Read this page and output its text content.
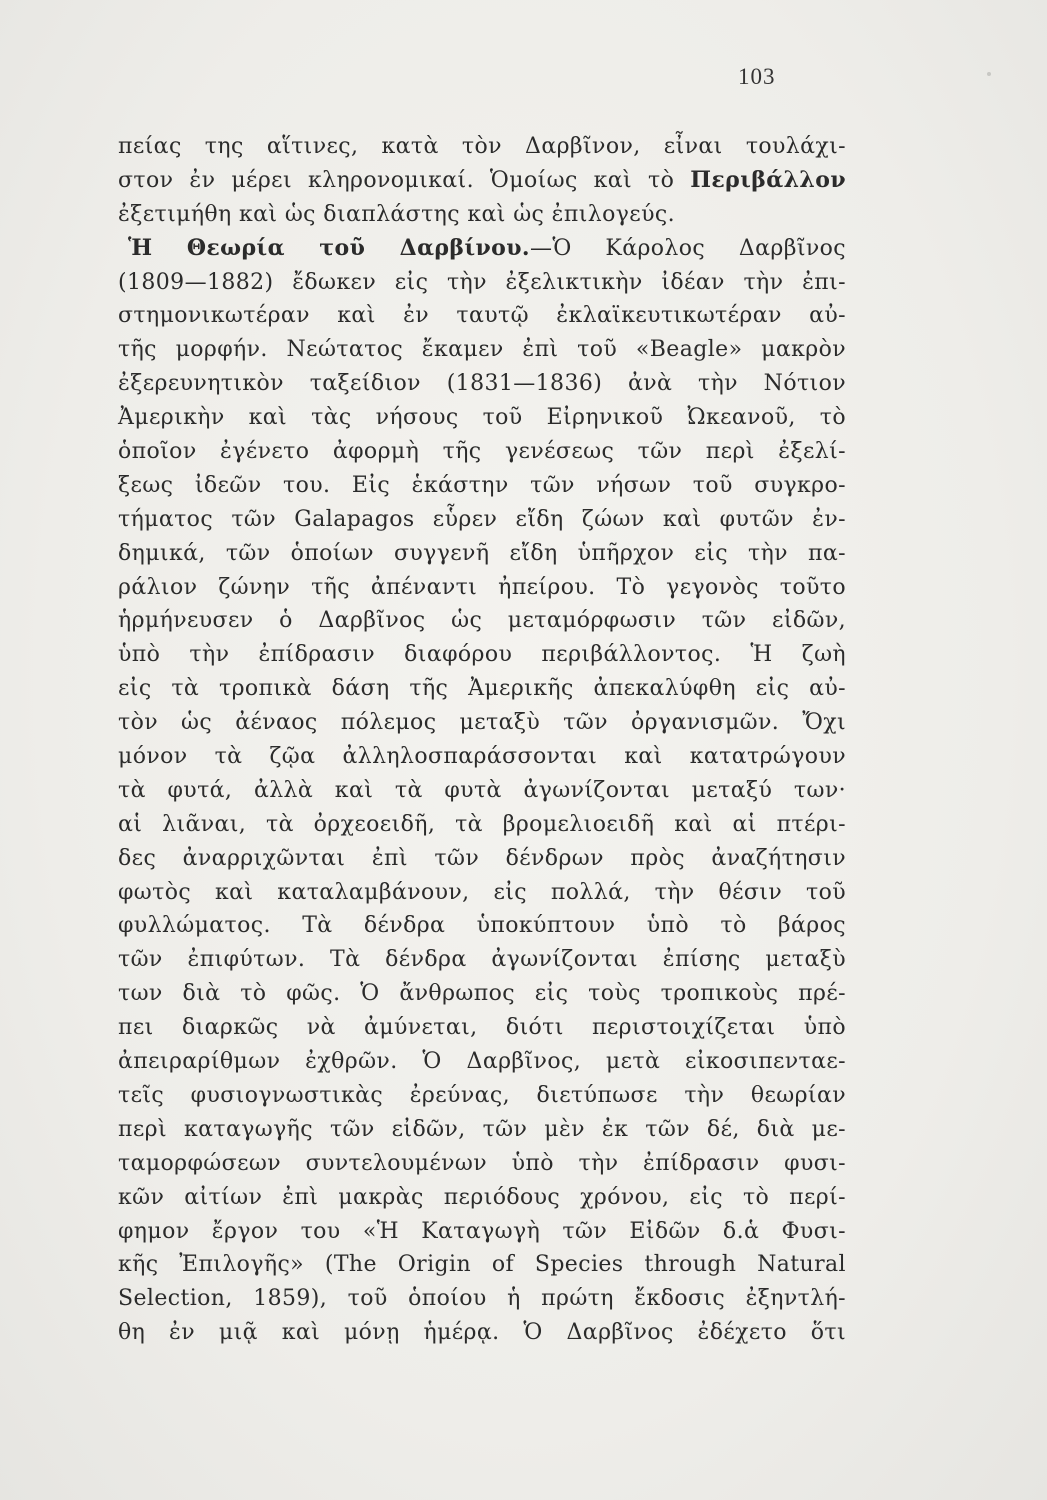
103
πείας της αἵτινες, κατὰ τὸν Δαρβῖνον, εἶναι τουλάχι-
στον ἐν μέρει κληρονομικαί. Ὁμοίως καὶ τὸ Περιβάλλον
ἐξετιμήθη καὶ ὡς διαπλάστης καὶ ὡς ἐπιλογεύς.
Ἡ Θεωρία τοῦ Δαρβίνου.—Ὁ Κάρολος Δαρβῖνος
(1809—1882) ἔδωκεν εἰς τὴν ἐξελικτικὴν ἰδέαν τὴν ἐπι-
στημονικωτέραν καὶ ἐν ταυτῷ ἐκλαϊκευτικωτέραν αὐ-
τῆς μορφήν. Νεώτατος ἔκαμεν ἐπὶ τοῦ «Beagle» μακρὸν
ἐξερευνητικὸν ταξείδιον (1831—1836) ἀνὰ τὴν Νότιον
Ἀμερικὴν καὶ τὰς νήσους τοῦ Εἰρηνικοῦ Ὠκεανοῦ, τὸ
ὁποῖον ἐγένετο ἀφορμὴ τῆς γενέσεως τῶν περὶ ἐξελί-
ξεως ἰδεῶν του. Εἰς ἑκάστην τῶν νήσων τοῦ συγκρο-
τήματος τῶν Galapagos εὗρεν εἴδη ζώων καὶ φυτῶν ἐν-
δημικά, τῶν ὁποίων συγγενῆ εἴδη ὑπῆρχον εἰς τὴν πα-
ράλιον ζώνην τῆς ἀπέναντι ἠπείρου. Τὸ γεγονὸς τοῦτο
ἡρμήνευσεν ὁ Δαρβῖνος ὡς μεταμόρφωσιν τῶν εἰδῶν,
ὑπὸ τὴν ἐπίδρασιν διαφόρου περιβάλλοντος. Ἡ ζωὴ
εἰς τὰ τροπικὰ δάση τῆς Ἀμερικῆς ἀπεκαλύφθη εἰς αὐ-
τὸν ὡς ἀέναος πόλεμος μεταξὺ τῶν ὀργανισμῶν. Ὄχι
μόνον τὰ ζῷα ἀλληλοσπαράσσονται καὶ κατατρώγουν
τὰ φυτά, ἀλλὰ καὶ τὰ φυτὰ ἀγωνίζονται μεταξύ των·
αἱ λιᾶναι, τὰ ὀρχεοειδῆ, τὰ βρομελιοειδῆ καὶ αἱ πτέρι-
δες ἀναρριχῶνται ἐπὶ τῶν δένδρων πρὸς ἀναζήτησιν
φωτὸς καὶ καταλαμβάνουν, εἰς πολλά, τὴν θέσιν τοῦ
φυλλώματος. Τὰ δένδρα ὑποκύπτουν ὑπὸ τὸ βάρος
τῶν ἐπιφύτων. Τὰ δένδρα ἀγωνίζονται ἐπίσης μεταξὺ
των διὰ τὸ φῶς. Ὁ ἄνθρωπος εἰς τοὺς τροπικοὺς πρέ-
πει διαρκῶς νὰ ἀμύνεται, διότι περιστοιχίζεται ὑπὸ
ἀπειραρίθμων ἐχθρῶν. Ὁ Δαρβῖνος, μετὰ εἰκοσιπενταε-
τεῖς φυσιογνωστικὰς ἐρεύνας, διετύπωσε τὴν θεωρίαν
περὶ καταγωγῆς τῶν εἰδῶν, τῶν μὲν ἐκ τῶν δέ, διὰ με-
ταμορφώσεων συντελουμένων ὑπὸ τὴν ἐπίδρασιν φυσι-
κῶν αἰτίων ἐπὶ μακρὰς περιόδους χρόνου, εἰς τὸ περί-
φημον ἔργον του «Ἡ Καταγωγὴ τῶν Εἰδῶν δ.ἁ Φυσι-
κῆς Ἐπιλογῆς» (The Origin of Species through Natural
Selection, 1859), τοῦ ὁποίου ἡ πρώτη ἔκδοσις ἐξηντλή-
θη ἐν μιᾷ καὶ μόνῃ ἡμέρᾳ. Ὁ Δαρβῖνος ἐδέχετο ὅτι
